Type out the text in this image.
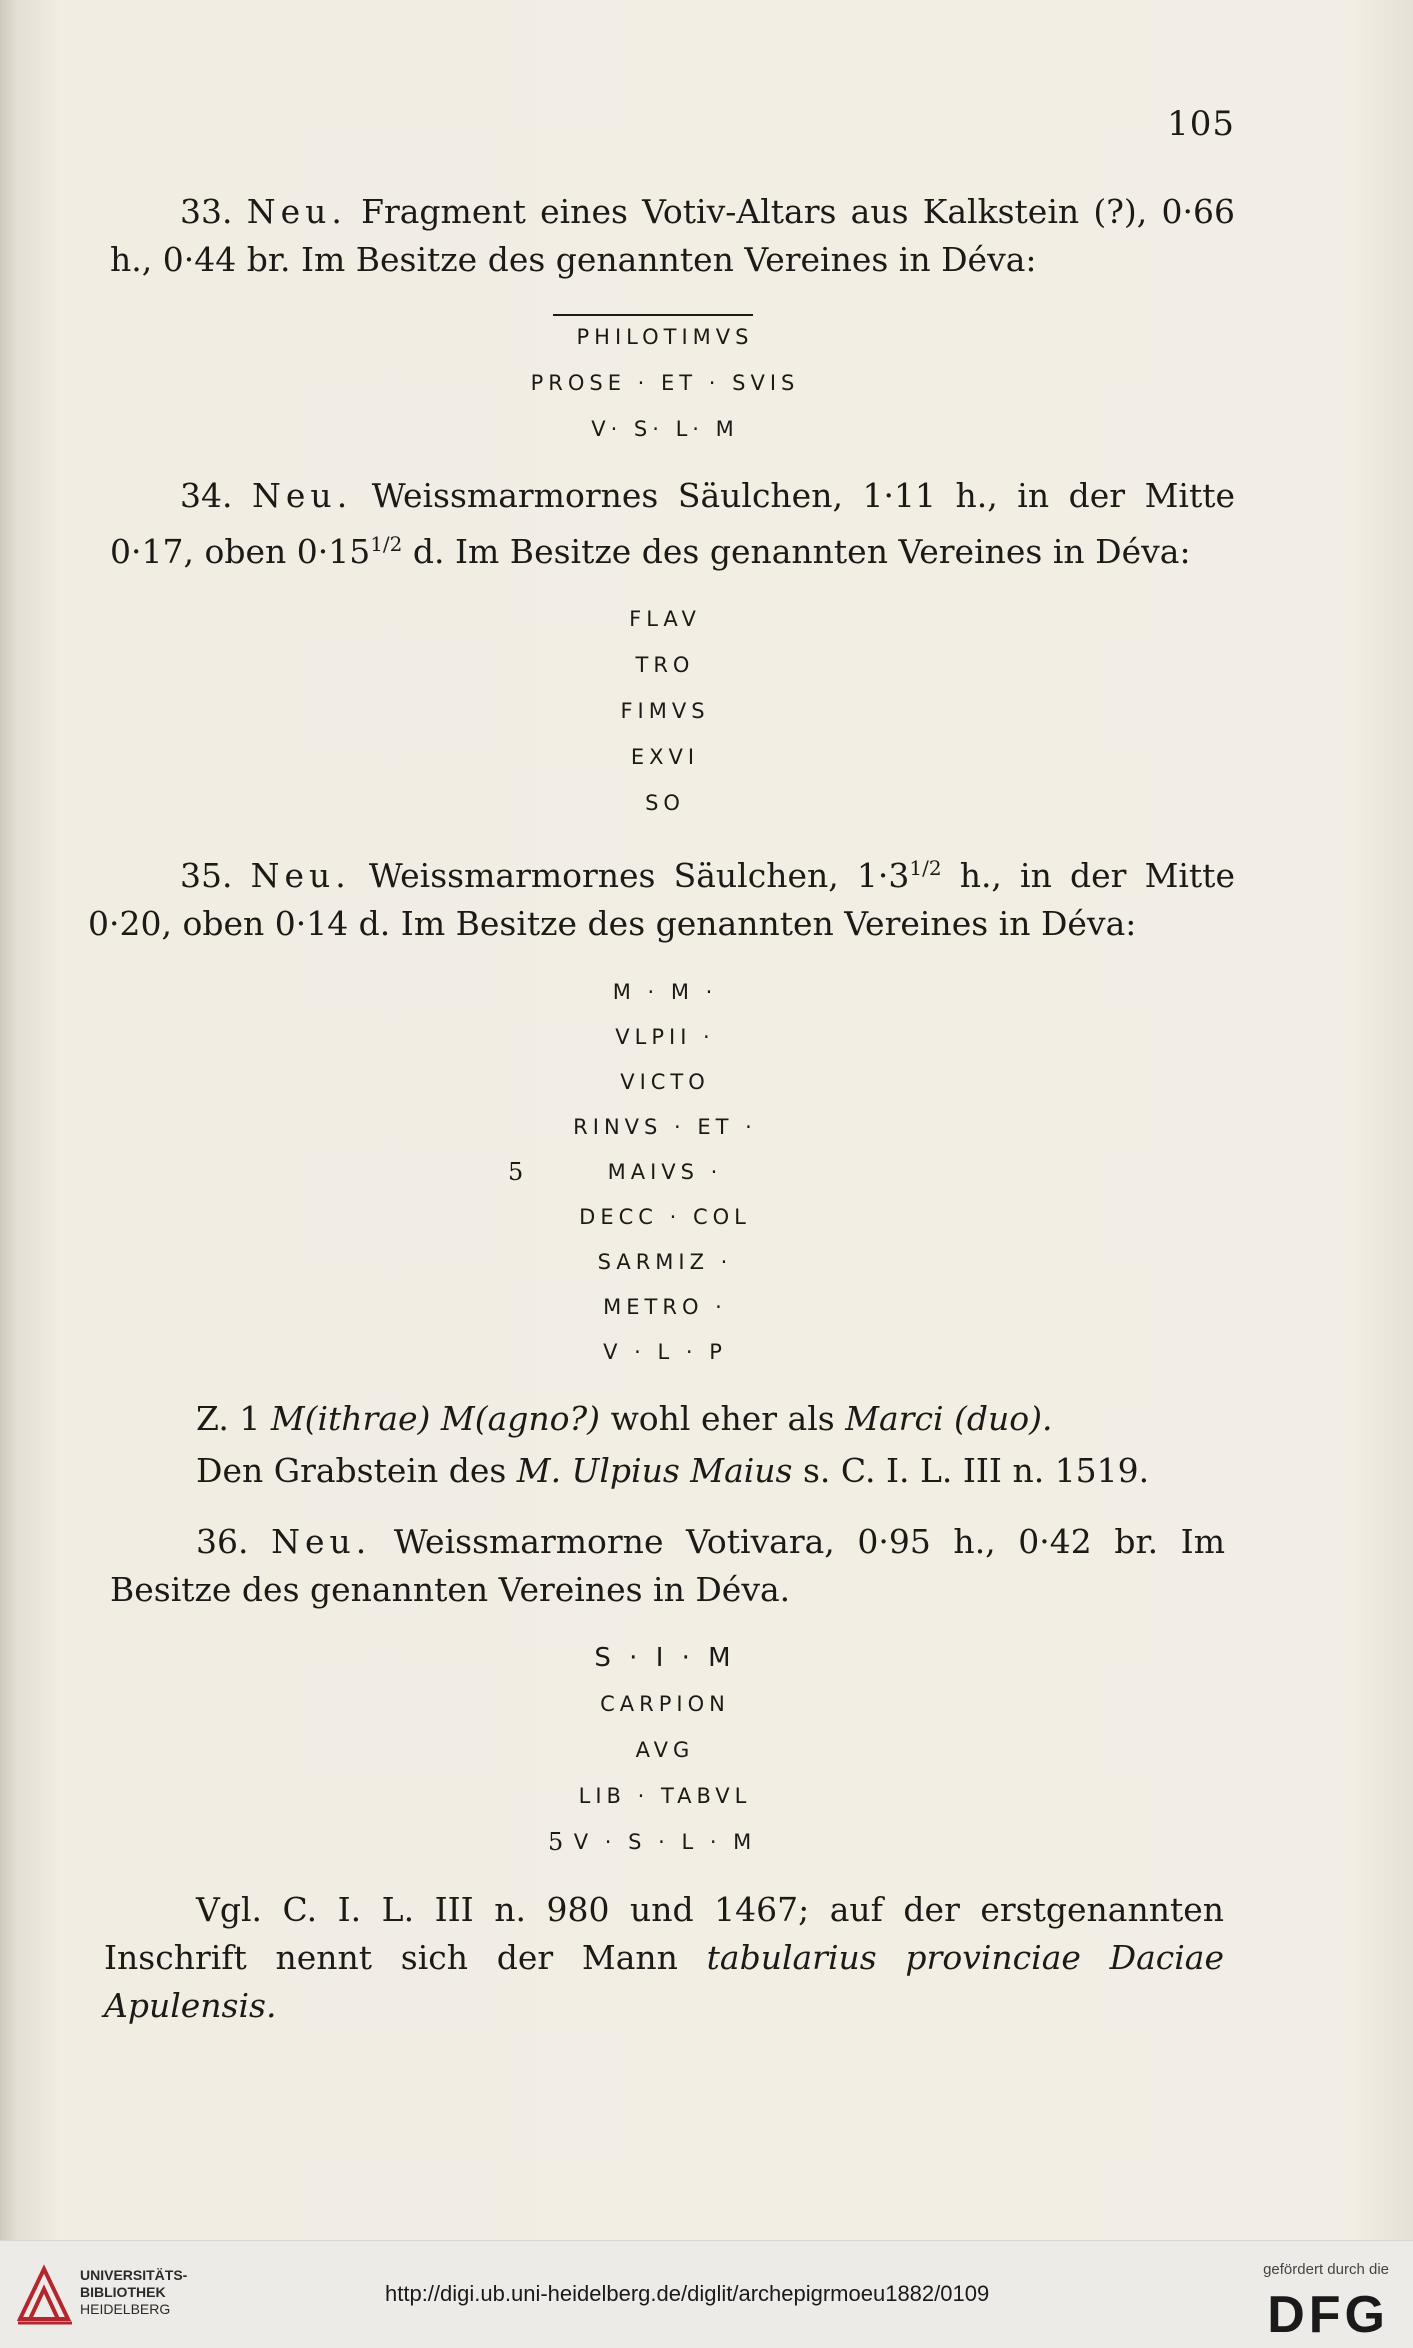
105
33. Neu. Fragment eines Votiv-Altars aus Kalkstein (?), 0·66 h., 0·44 br. Im Besitze des genannten Vereines in Déva:
PHILOTIMVS
PROSE · ET · SVIS
V· S· L· M
34. Neu. Weissmarmornes Säulchen, 1·11 h., in der Mitte 0·17, oben $0\cdot 15^{1/2}$ d. Im Besitze des genannten Vereines in Déva:
FLAV
TRO
FIMVS
EXVI
SO
35. Neu. Weissmarmornes Säulchen, $1\cdot 3^{1/2}$ h., in der Mitte 0·20, oben 0·14 d. Im Besitze des genannten Vereines in Déva:
M · M ·
VLPII ·
VICTO
RINVS · ET ·
5	MAIVS ·
DECC · COL
SARMIZ ·
METRO ·
V · L · P
Z. 1 M(ithrae) M(agno?) wohl eher als Marci (duo).
Den Grabstein des M. Ulpius Maius s. C. I. L. III n. 1519.
36. Neu. Weissmarmorne Votivara, 0·95 h., 0·42 br. Im Besitze des genannten Vereines in Déva.
S · I · M
CARPION
AVG
LIB · TABVL
5 V · S · L · M
Vgl. C. I. L. III n. 980 und 1467; auf der erstgenannten Inschrift nennt sich der Mann tabularius provinciae Daciae Apulensis.
UNIVERSITÄTS-
BIBLIOTHEK
HEIDELBERG
http://digi.ub.uni-heidelberg.de/diglit/archepigrmoeu1882/0109
gefördert durch die
DFG
